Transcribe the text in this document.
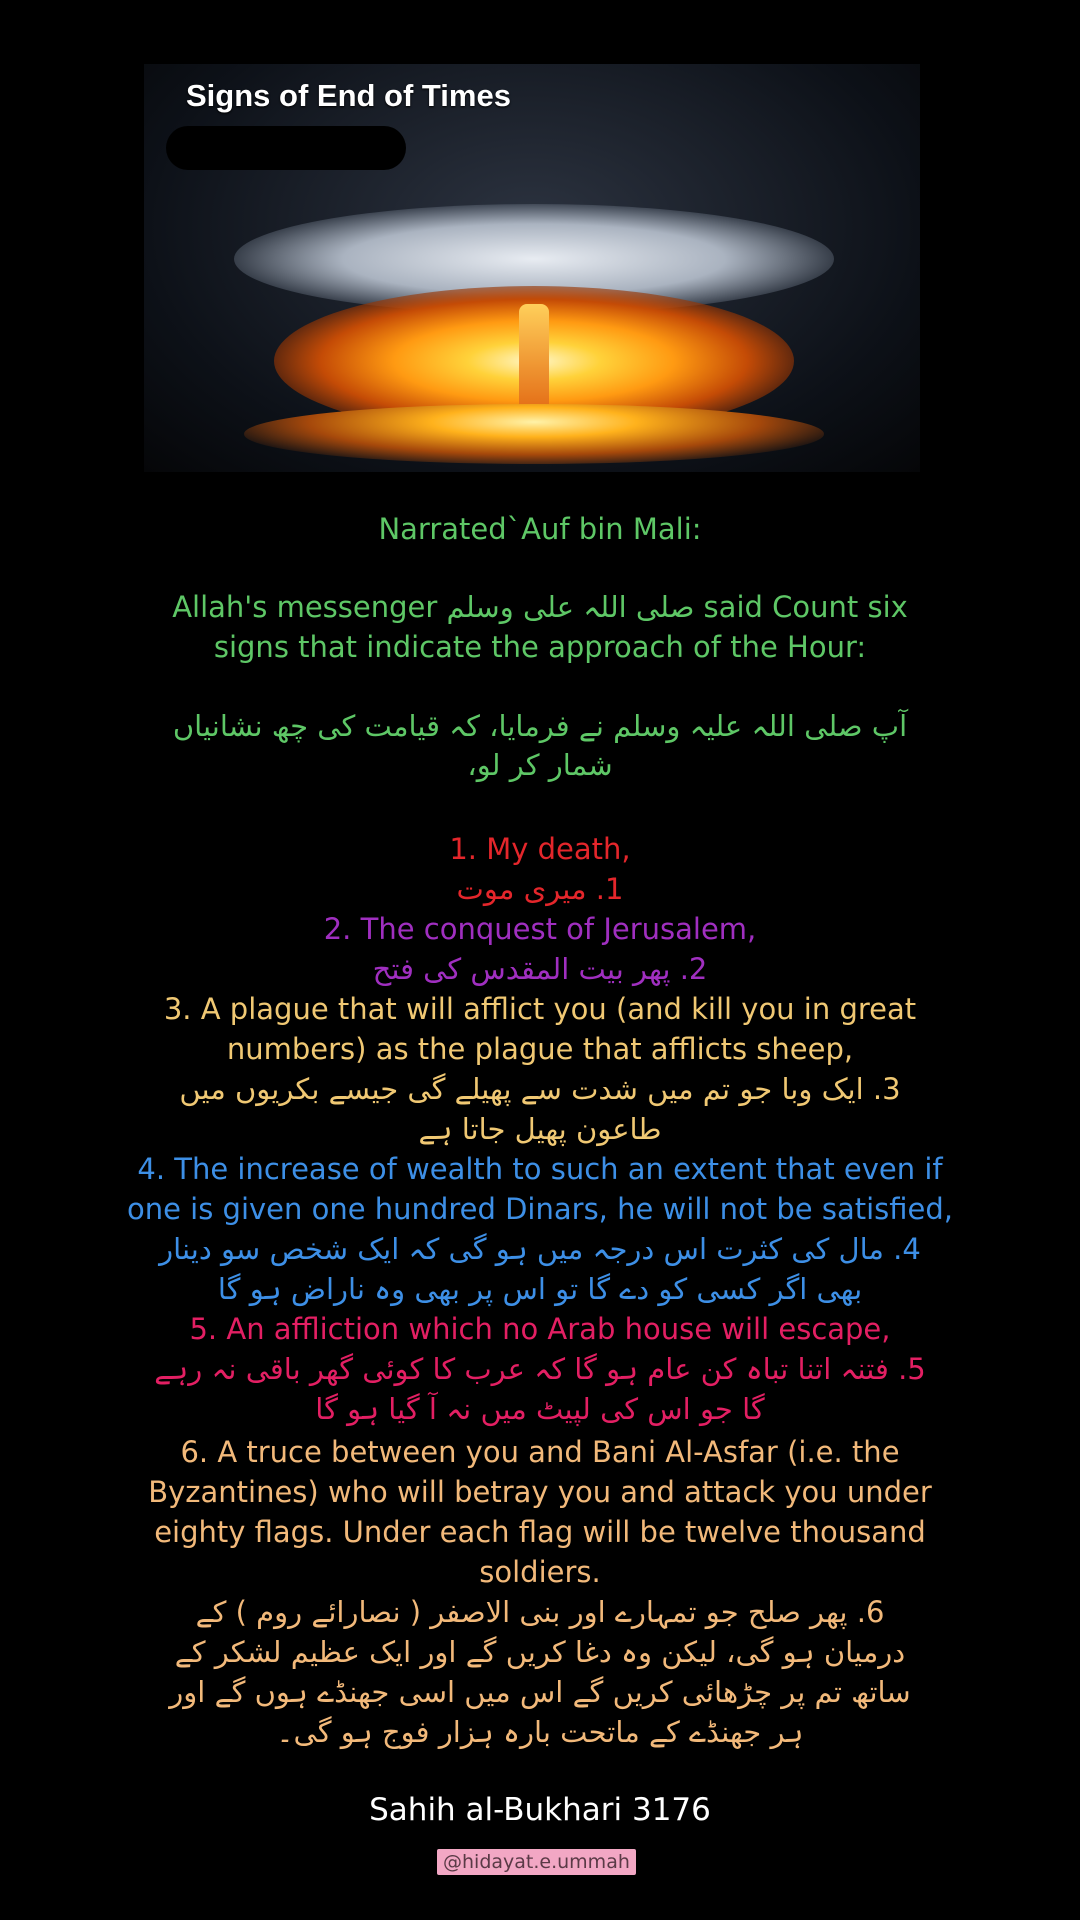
Signs of End of Times
Narrated`Auf bin Mali:
Allah's messenger صلی اللہ علی وسلم said Count six
signs that indicate the approach of the Hour:
آپ صلی اللہ علیہ وسلم نے فرمایا، کہ قیامت کی چھ نشانیاں
شمار کر لو،
1. My death,
1. میری موت
2. The conquest of Jerusalem,
2. پھر بیت المقدس کی فتح
3. A plague that will afflict you (and kill you in great
numbers) as the plague that afflicts sheep,
3. ایک وبا جو تم میں شدت سے پھیلے گی جیسے بکریوں میں
طاعون پھیل جاتا ہے
4. The increase of wealth to such an extent that even if
one is given one hundred Dinars, he will not be satisfied,
4. مال کی کثرت اس درجہ میں ہو گی کہ ایک شخص سو دینار
بھی اگر کسی کو دے گا تو اس پر بھی وہ ناراض ہو گا
5. An affliction which no Arab house will escape,
5. فتنہ اتنا تباہ کن عام ہو گا کہ عرب کا کوئی گھر باقی نہ رہے
گا جو اس کی لپیٹ میں نہ آ گیا ہو گا
6. A truce between you and Bani Al-Asfar (i.e. the
Byzantines) who will betray you and attack you under
eighty flags. Under each flag will be twelve thousand
soldiers.
6. پھر صلح جو تمہارے اور بنی الاصفر ( نصارائے روم ) کے
درمیان ہو گی، لیکن وہ دغا کریں گے اور ایک عظیم لشکر کے
ساتھ تم پر چڑھائی کریں گے اس میں اسی جھنڈے ہوں گے اور
ہر جھنڈے کے ماتحت بارہ ہزار فوج ہو گی۔
Sahih al-Bukhari 3176
@hidayat.e.ummah
